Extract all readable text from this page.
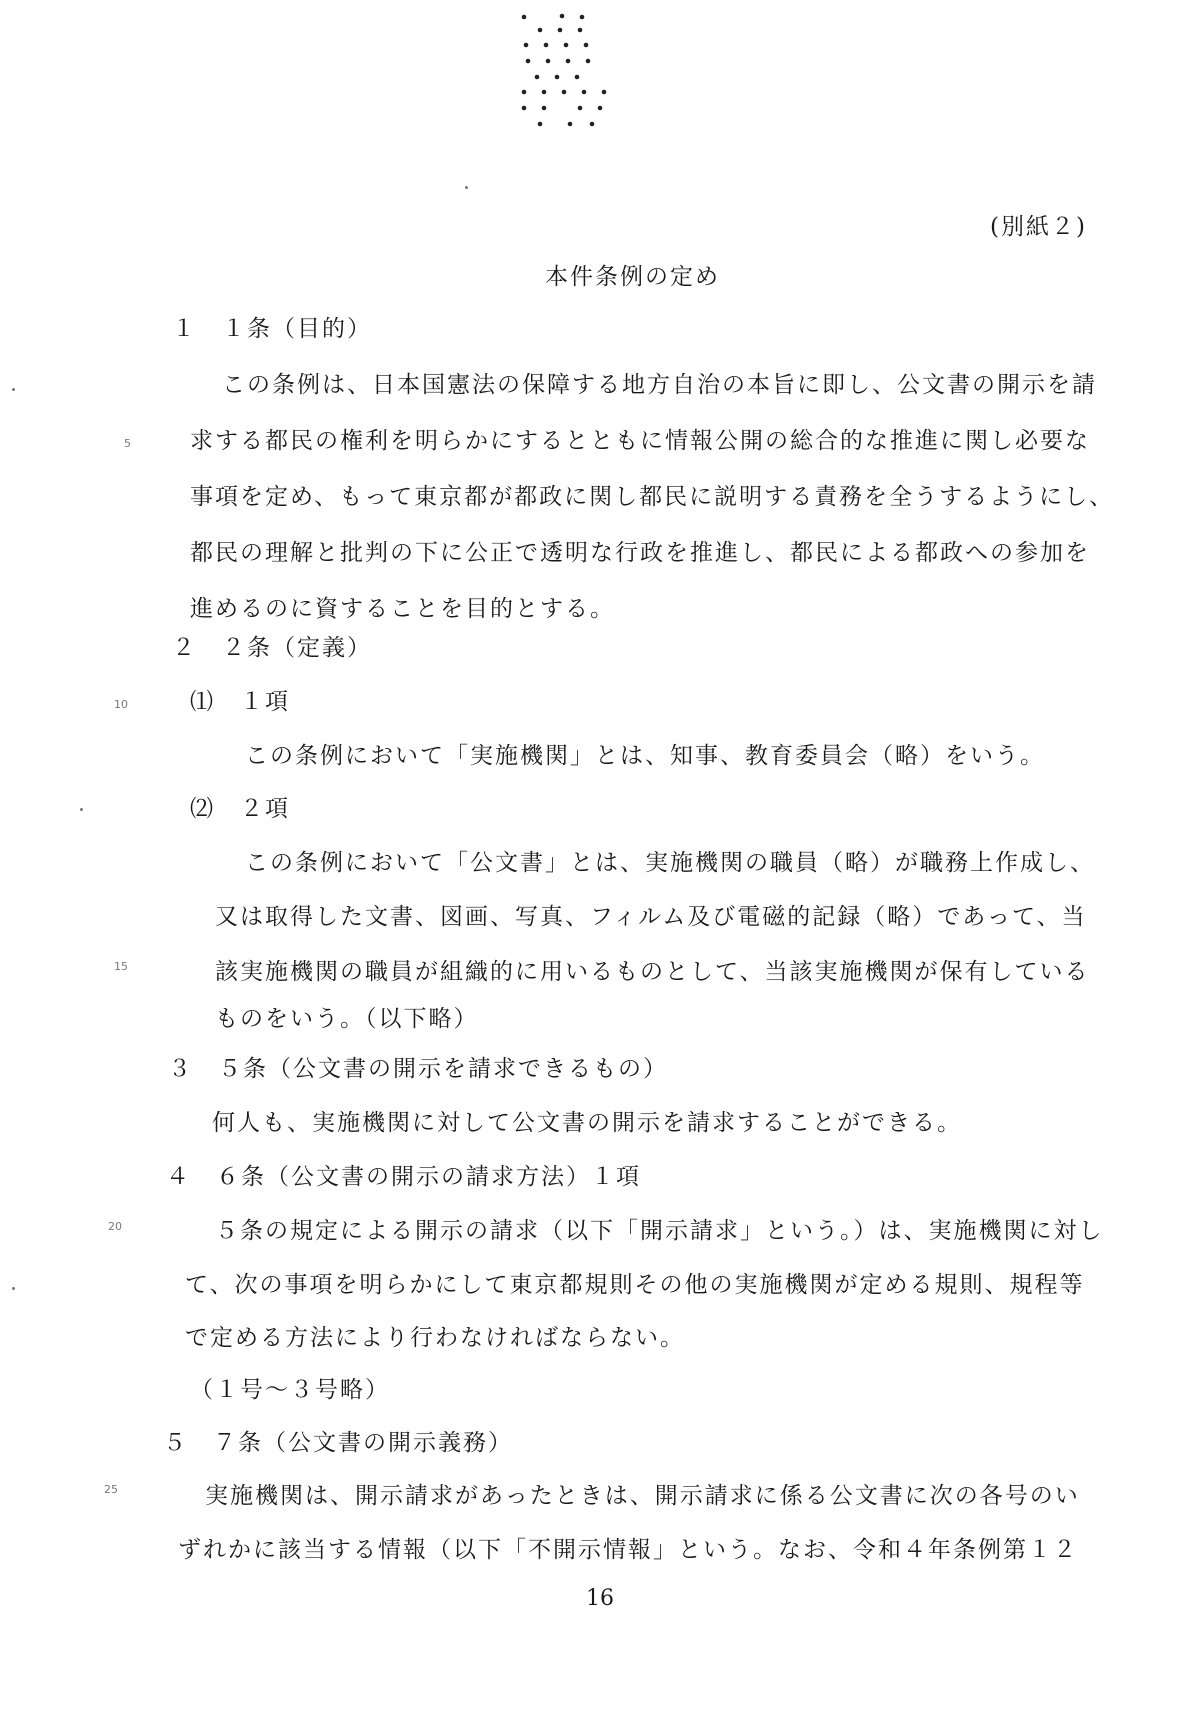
(別紙２)
本件条例の定め
１　１条（目的）
この条例は、日本国憲法の保障する地方自治の本旨に即し、公文書の開示を請
求する都民の権利を明らかにするとともに情報公開の総合的な推進に関し必要な
事項を定め、もって東京都が都政に関し都民に説明する責務を全うするようにし、
都民の理解と批判の下に公正で透明な行政を推進し、都民による都政への参加を
進めるのに資することを目的とする。
２　２条（定義）
⑴　１項
この条例において「実施機関」とは、知事、教育委員会（略）をいう。
⑵　２項
この条例において「公文書」とは、実施機関の職員（略）が職務上作成し、
又は取得した文書、図画、写真、フィルム及び電磁的記録（略）であって、当
該実施機関の職員が組織的に用いるものとして、当該実施機関が保有している
ものをいう。（以下略）
３　５条（公文書の開示を請求できるもの）
何人も、実施機関に対して公文書の開示を請求することができる。
４　６条（公文書の開示の請求方法）１項
５条の規定による開示の請求（以下「開示請求」という。）は、実施機関に対し
て、次の事項を明らかにして東京都規則その他の実施機関が定める規則、規程等
で定める方法により行わなければならない。
（１号～３号略）
５　７条（公文書の開示義務）
実施機関は、開示請求があったときは、開示請求に係る公文書に次の各号のい
ずれかに該当する情報（以下「不開示情報」という。なお、令和４年条例第１２
5
10
15
20
25
16
